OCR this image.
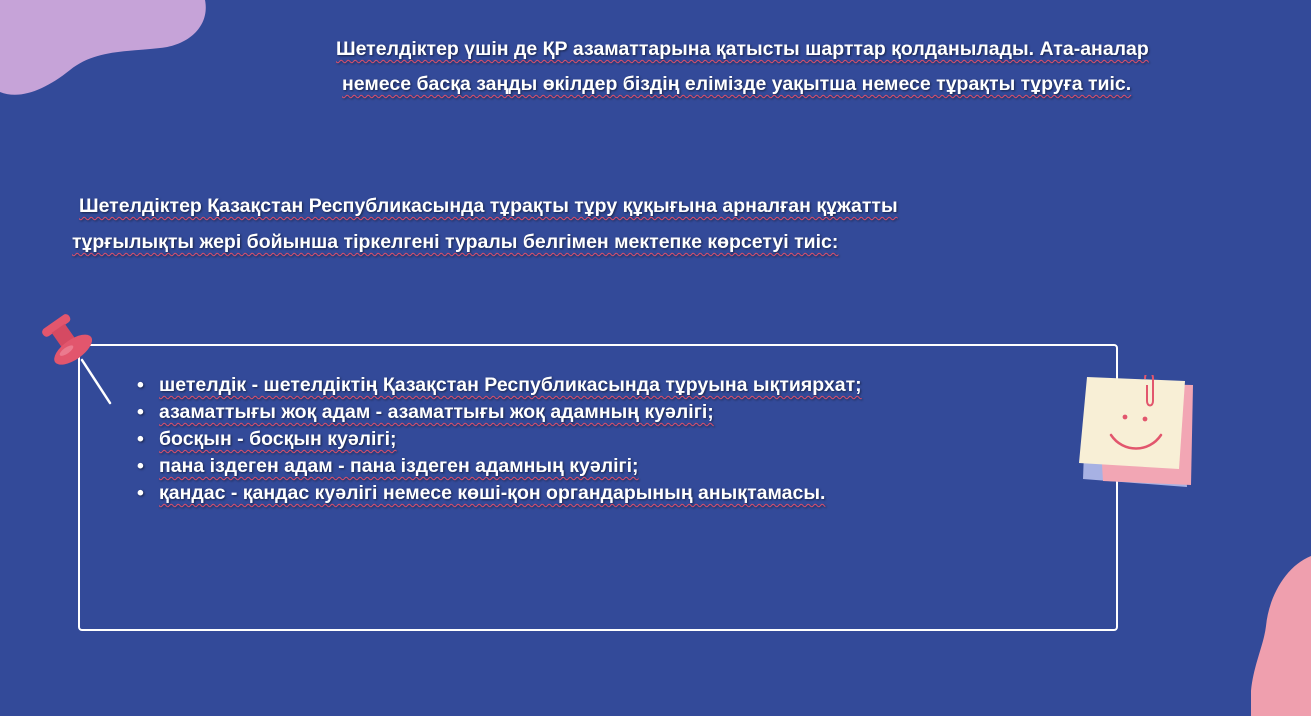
Шетелдіктер үшін де ҚР азаматтарына қатысты шарттар қолданылады. Ата-аналар
немесе басқа заңды өкілдер біздің елімізде уақытша немесе тұрақты тұруға тиіс.

Шетелдіктер Қазақстан Республикасында тұрақты тұру құқығына арналған құжатты
тұрғылықты жері бойынша тіркелгені туралы белгімен мектепке көрсетуі тиіс:

• шетелдік - шетелдіктің Қазақстан Республикасында тұруына ықтиярхат;
• азаматтығы жоқ адам - азаматтығы жоқ адамның куәлігі;
• босқын - босқын куәлігі;
• пана іздеген адам - пана іздеген адамның куәлігі;
• қандас - қандас куәлігі немесе көші-қон органдарының анықтамасы.
